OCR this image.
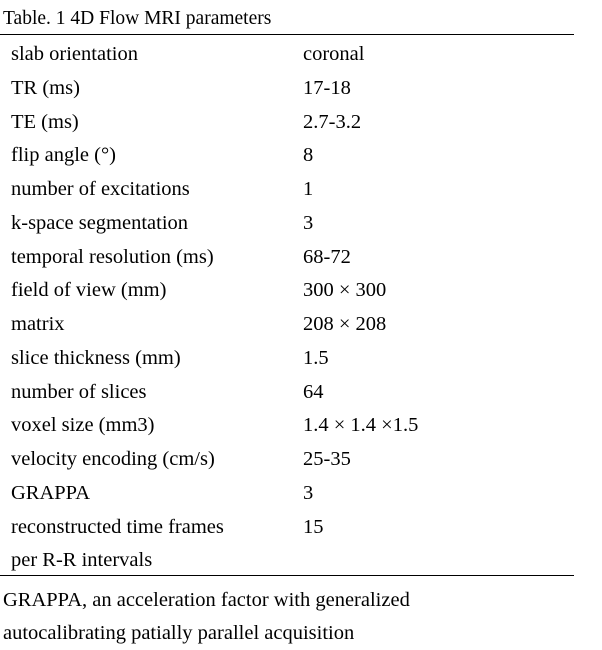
Table. 1 4D Flow MRI parameters
slab orientation	coronal
TR (ms)	17-18
TE (ms)	2.7-3.2
flip angle (°)	8
number of excitations	1
k-space segmentation	3
temporal resolution (ms)	68-72
field of view (mm)	300 × 300
matrix	208 × 208
slice thickness (mm)	1.5
number of slices	64
voxel size (mm3)	1.4 × 1.4 ×1.5
velocity encoding (cm/s)	25-35
GRAPPA	3
reconstructed time frames	15
per R-R intervals
GRAPPA, an acceleration factor with generalized
autocalibrating patially parallel acquisition
